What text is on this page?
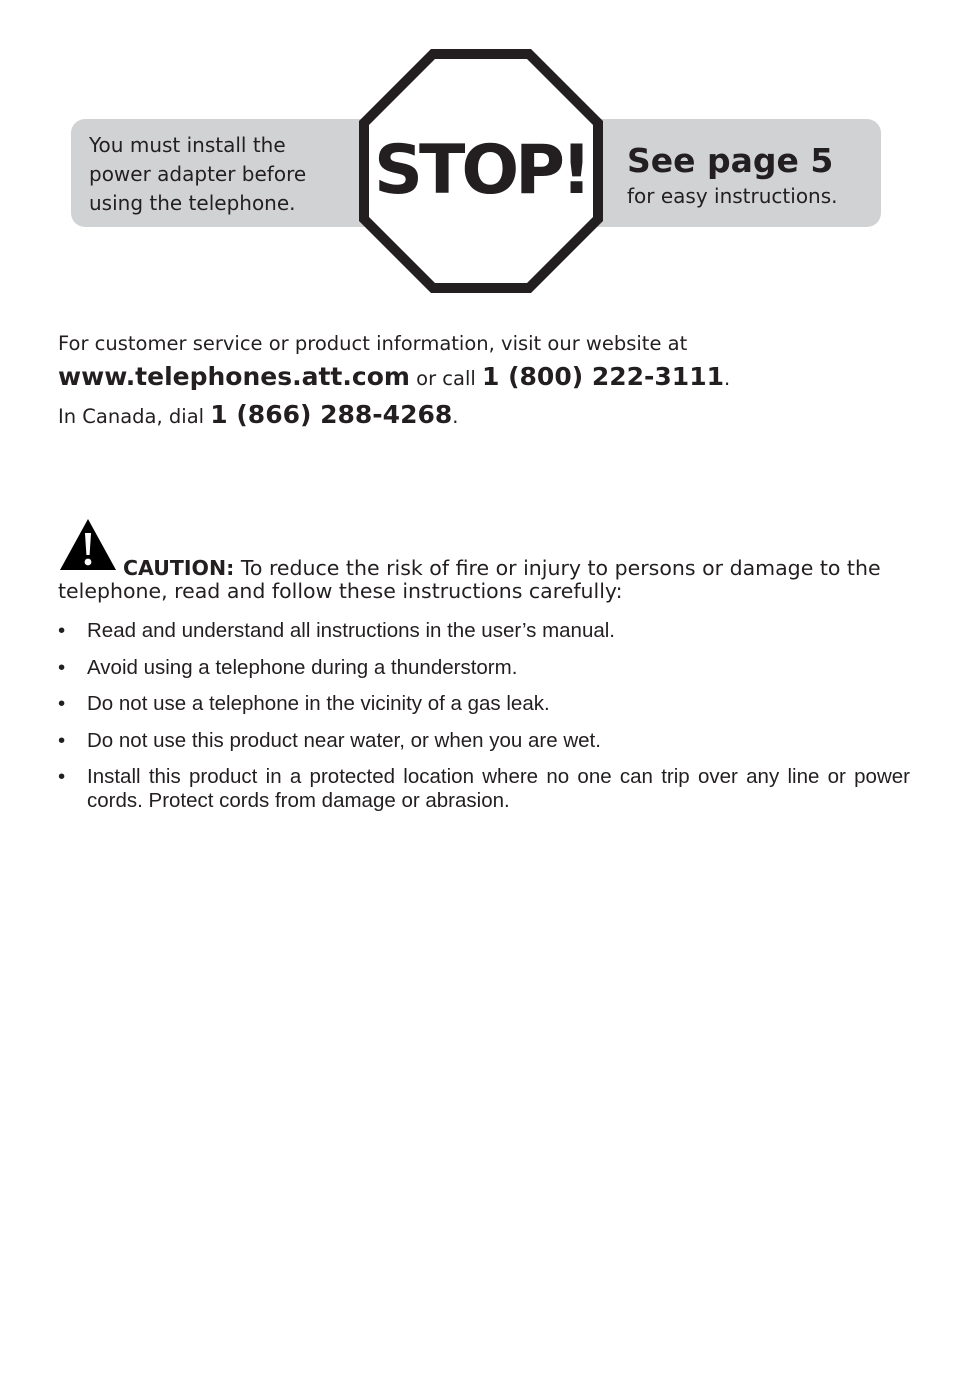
You must install the
power adapter before
using the telephone.	STOP!	See page 5
for easy instructions.
For customer service or product information, visit our website at
www.telephones.att.com or call 1 (800) 222-3111.
In Canada, dial 1 (866) 288-4268.
CAUTION: To reduce the risk of fire or injury to persons or damage to the telephone, read and follow these instructions carefully:
• Read and understand all instructions in the user’s manual.
• Avoid using a telephone during a thunderstorm.
• Do not use a telephone in the vicinity of a gas leak.
• Do not use this product near water, or when you are wet.
• Install this product in a protected location where no one can trip over any line or power cords. Protect cords from damage or abrasion.
